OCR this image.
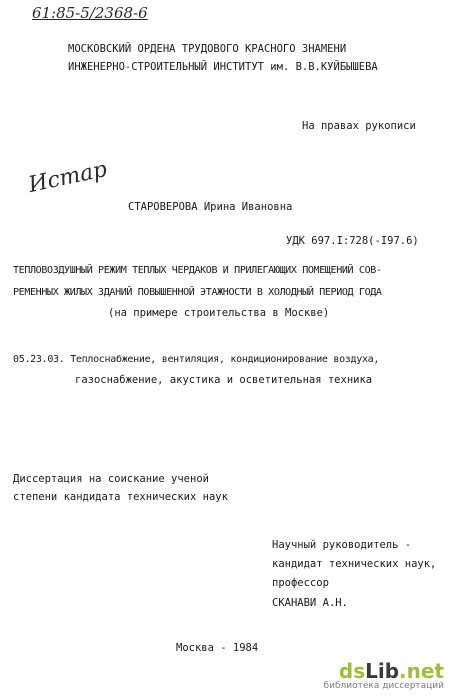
61:85-5/2368-6
МОСКОВСКИЙ ОРДЕНА ТРУДОВОГО КРАСНОГО ЗНАМЕНИ
ИНЖЕНЕРНО-СТРОИТЕЛЬНЫЙ ИНСТИТУТ им. В.В.КУЙБЫШЕВА
На правах рукописи
Истар
СТАРОВЕРОВА Ирина Ивановна
УДК 697.I:728(-I97.6)
ТЕПЛОВОЗДУШНЫЙ РЕЖИМ ТЕПЛЫХ ЧЕРДАКОВ И ПРИЛЕГАЮЩИХ ПОМЕЩЕНИЙ СОВ-
РЕМЕННЫХ ЖИЛЫХ ЗДАНИЙ ПОВЫШЕННОЙ ЭТАЖНОСТИ В ХОЛОДНЫЙ ПЕРИОД ГОДА
(на примере строительства в Москве)
05.23.03. Теплоснабжение, вентиляция, кондиционирование воздуха,
газоснабжение, акустика и осветительная техника
Диссертация на соискание ученой
степени кандидата технических наук
Научный руководитель -
кандидат технических наук,
профессор
СКАНАВИ А.Н.
Москва - 1984
dsLib.net
библиотека диссертаций
